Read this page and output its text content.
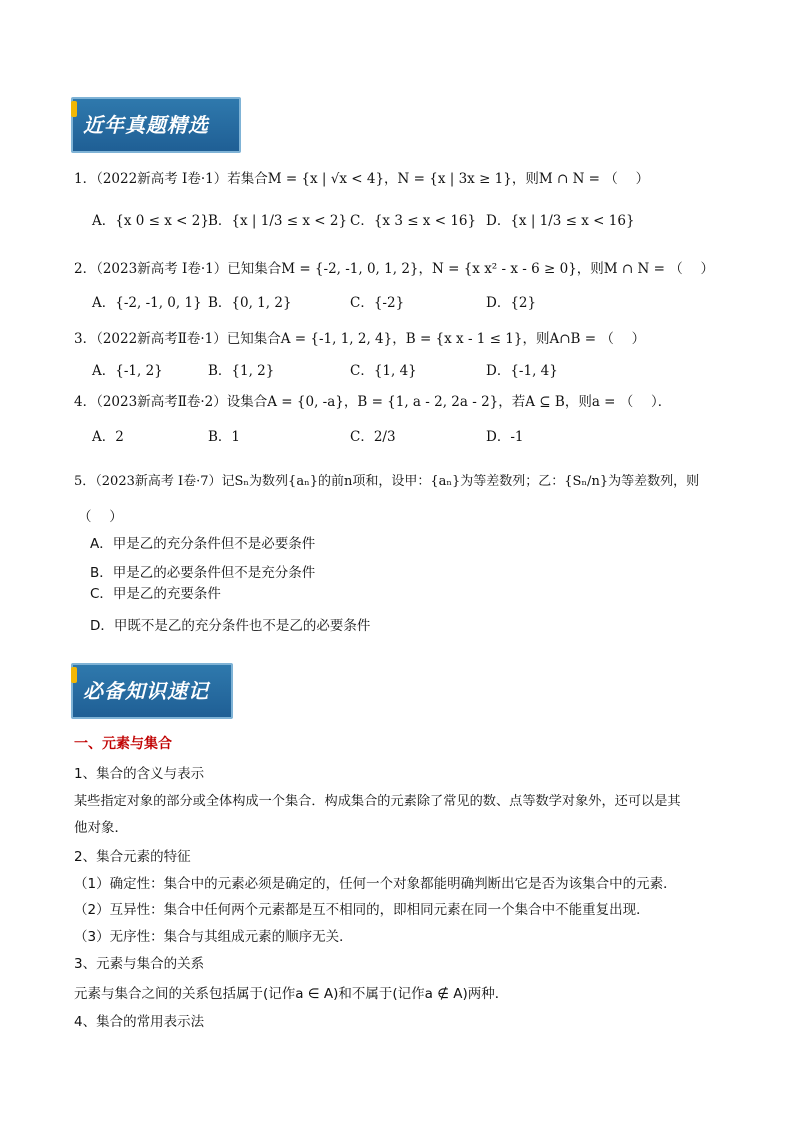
近年真题精选
1．（2022新高考 Ⅰ卷·1）若集合M = {x | √x < 4}，N = {x | 3x ≥ 1}，则M ∩ N = （　 ）
A．{x 0 ≤ x < 2} B．{x | 1/3 ≤ x < 2} C．{x 3 ≤ x < 16} D．{x | 1/3 ≤ x < 16}
2．（2023新高考 Ⅰ卷·1）已知集合M = {-2, -1, 0, 1, 2}，N = {x x² - x - 6 ≥ 0}，则M ∩ N = （　 ）
A．{-2, -1, 0, 1} B．{0, 1, 2}	C．{-2}	D．{2}
3．（2022新高考Ⅱ卷·1）已知集合A = {-1, 1, 2, 4}，B = {x x - 1 ≤ 1}，则A∩B = （　 ）
A．{-1, 2}	B．{1, 2}	C．{1, 4}	D．{-1, 4}
4．（2023新高考Ⅱ卷·2）设集合A = {0, -a}，B = {1, a - 2, 2a - 2}，若A ⊆ B，则a = （　 ）．
A．2	B．1	C．2/3	D．-1
5．（2023新高考 Ⅰ卷·7）记Sₙ为数列{aₙ}的前n项和，设甲：{aₙ}为等差数列；乙：{Sₙ/n}为等差数列，则
（　 ）
A．甲是乙的充分条件但不是必要条件
B．甲是乙的必要条件但不是充分条件
C．甲是乙的充要条件
D．甲既不是乙的充分条件也不是乙的必要条件
必备知识速记
一、元素与集合
1、集合的含义与表示
某些指定对象的部分或全体构成一个集合．构成集合的元素除了常见的数、点等数学对象外，还可以是其
他对象．
2、集合元素的特征
（1）确定性：集合中的元素必须是确定的，任何一个对象都能明确判断出它是否为该集合中的元素．
（2）互异性：集合中任何两个元素都是互不相同的，即相同元素在同一个集合中不能重复出现．
（3）无序性：集合与其组成元素的顺序无关．
3、元素与集合的关系
元素与集合之间的关系包括属于(记作a ∈ A)和不属于(记作a ∉ A)两种．
4、集合的常用表示法
